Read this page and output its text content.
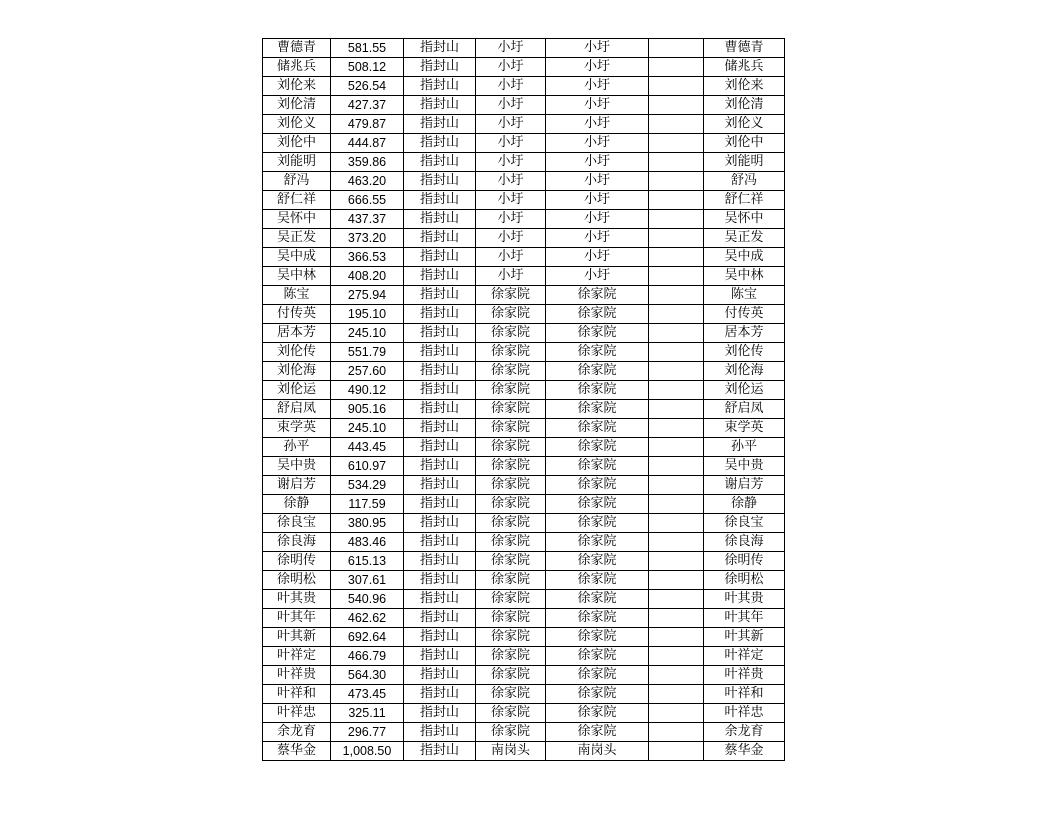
曹德青	581.55	指封山	小圩	小圩		曹德青
储兆兵	508.12	指封山	小圩	小圩		储兆兵
刘伦来	526.54	指封山	小圩	小圩		刘伦来
刘伦清	427.37	指封山	小圩	小圩		刘伦清
刘伦义	479.87	指封山	小圩	小圩		刘伦义
刘伦中	444.87	指封山	小圩	小圩		刘伦中
刘能明	359.86	指封山	小圩	小圩		刘能明
舒冯	463.20	指封山	小圩	小圩		舒冯
舒仁祥	666.55	指封山	小圩	小圩		舒仁祥
吴怀中	437.37	指封山	小圩	小圩		吴怀中
吴正发	373.20	指封山	小圩	小圩		吴正发
吴中成	366.53	指封山	小圩	小圩		吴中成
吴中林	408.20	指封山	小圩	小圩		吴中林
陈宝	275.94	指封山	徐家院	徐家院		陈宝
付传英	195.10	指封山	徐家院	徐家院		付传英
居本芳	245.10	指封山	徐家院	徐家院		居本芳
刘伦传	551.79	指封山	徐家院	徐家院		刘伦传
刘伦海	257.60	指封山	徐家院	徐家院		刘伦海
刘伦运	490.12	指封山	徐家院	徐家院		刘伦运
舒启凤	905.16	指封山	徐家院	徐家院		舒启凤
束学英	245.10	指封山	徐家院	徐家院		束学英
孙平	443.45	指封山	徐家院	徐家院		孙平
吴中贵	610.97	指封山	徐家院	徐家院		吴中贵
谢启芳	534.29	指封山	徐家院	徐家院		谢启芳
徐静	117.59	指封山	徐家院	徐家院		徐静
徐良宝	380.95	指封山	徐家院	徐家院		徐良宝
徐良海	483.46	指封山	徐家院	徐家院		徐良海
徐明传	615.13	指封山	徐家院	徐家院		徐明传
徐明松	307.61	指封山	徐家院	徐家院		徐明松
叶其贵	540.96	指封山	徐家院	徐家院		叶其贵
叶其年	462.62	指封山	徐家院	徐家院		叶其年
叶其新	692.64	指封山	徐家院	徐家院		叶其新
叶祥定	466.79	指封山	徐家院	徐家院		叶祥定
叶祥贵	564.30	指封山	徐家院	徐家院		叶祥贵
叶祥和	473.45	指封山	徐家院	徐家院		叶祥和
叶祥忠	325.11	指封山	徐家院	徐家院		叶祥忠
余龙育	296.77	指封山	徐家院	徐家院		余龙育
蔡华金	1,008.50	指封山	南岗头	南岗头		蔡华金
